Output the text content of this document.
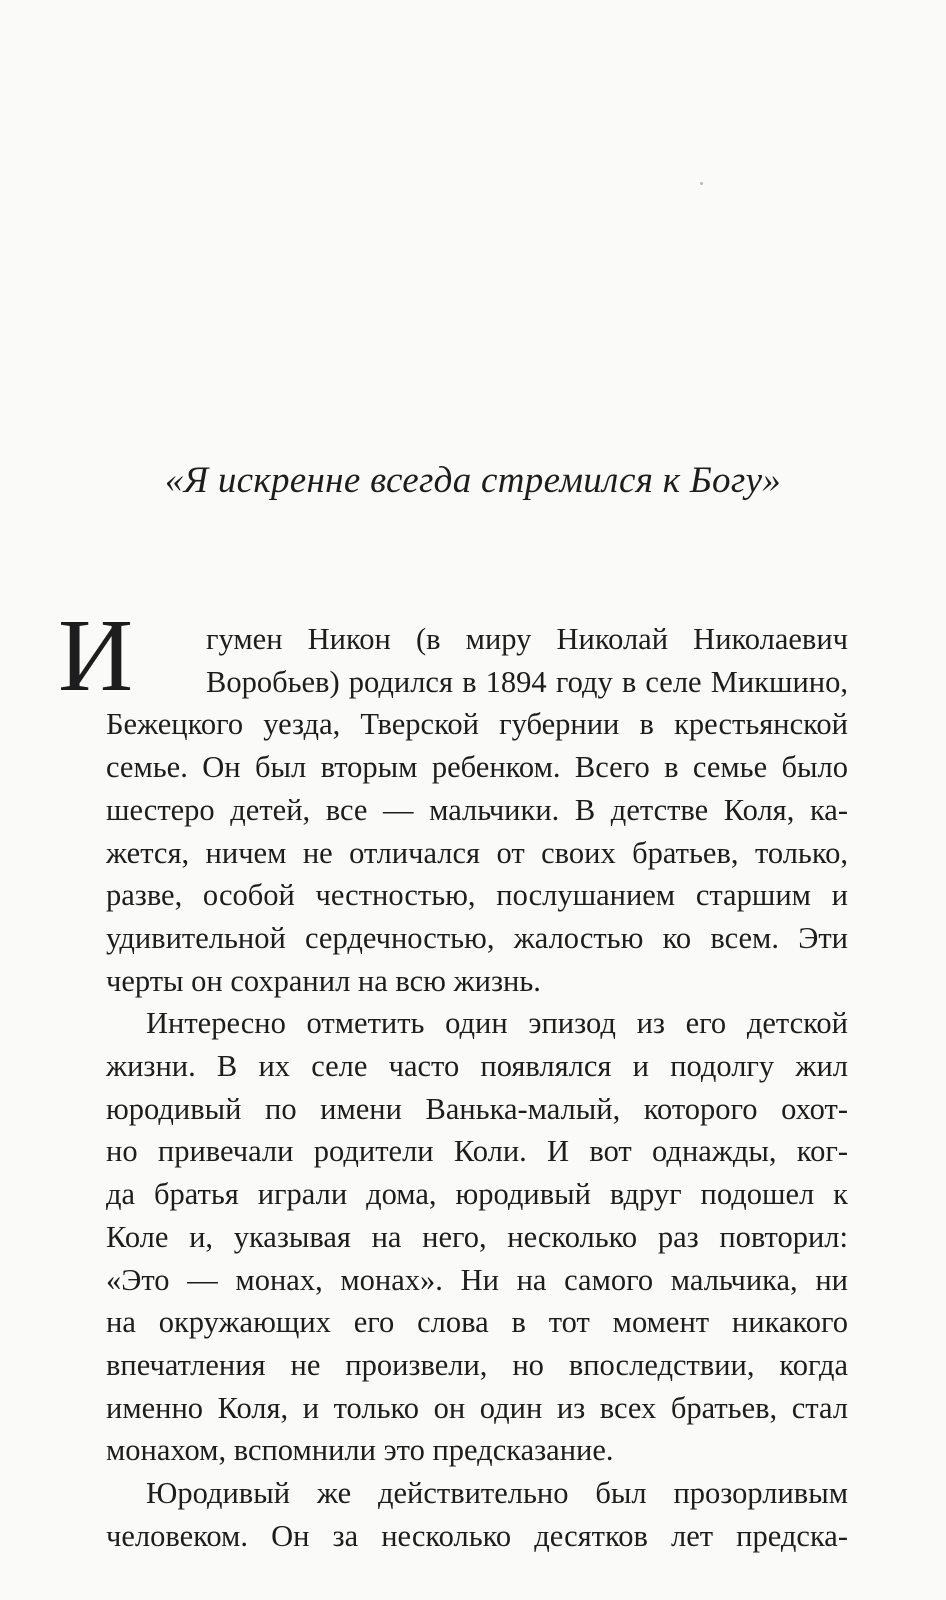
«Я искренне всегда стремился к Богу»
И	гумен Никон (в миру Николай Николаевич
Воробьев) родился в 1894 году в селе Микшино,
Бежецкого уезда, Тверской губернии в крестьянской
семье. Он был вторым ребенком. Всего в семье было
шестеро детей, все — мальчики. В детстве Коля, ка-
жется, ничем не отличался от своих братьев, только,
разве, особой честностью, послушанием старшим и
удивительной сердечностью, жалостью ко всем. Эти
черты он сохранил на всю жизнь.
Интересно отметить один эпизод из его детской
жизни. В их селе часто появлялся и подолгу жил
юродивый по имени Ванька-малый, которого охот-
но привечали родители Коли. И вот однажды, ког-
да братья играли дома, юродивый вдруг подошел к
Коле и, указывая на него, несколько раз повторил:
«Это — монах, монах». Ни на самого мальчика, ни
на окружающих его слова в тот момент никакого
впечатления не произвели, но впоследствии, когда
именно Коля, и только он один из всех братьев, стал
монахом, вспомнили это предсказание.
Юродивый же действительно был прозорливым
человеком. Он за несколько десятков лет предска-
